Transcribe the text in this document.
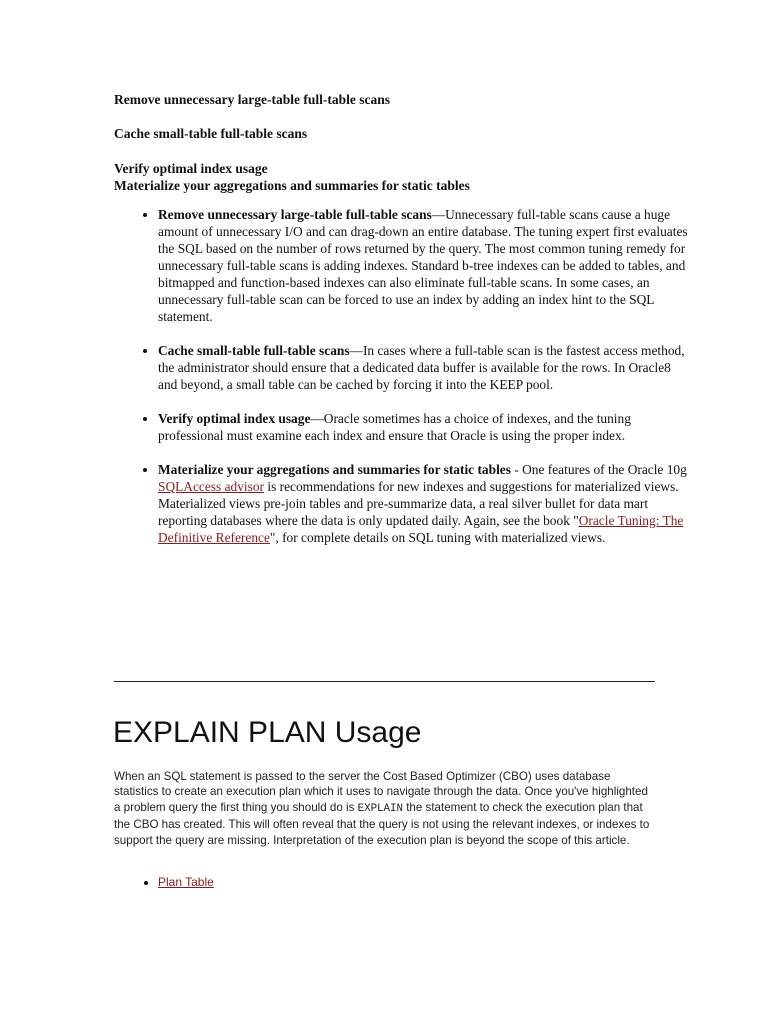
Remove unnecessary large-table full-table scans
Cache small-table full-table scans
Verify optimal index usage
Materialize your aggregations and summaries for static tables
• Remove unnecessary large-table full-table scans—Unnecessary full-table scans cause a huge amount of unnecessary I/O and can drag-down an entire database. The tuning expert first evaluates the SQL based on the number of rows returned by the query. The most common tuning remedy for unnecessary full-table scans is adding indexes. Standard b-tree indexes can be added to tables, and bitmapped and function-based indexes can also eliminate full-table scans. In some cases, an unnecessary full-table scan can be forced to use an index by adding an index hint to the SQL statement.
• Cache small-table full-table scans—In cases where a full-table scan is the fastest access method, the administrator should ensure that a dedicated data buffer is available for the rows. In Oracle8 and beyond, a small table can be cached by forcing it into the KEEP pool.
• Verify optimal index usage—Oracle sometimes has a choice of indexes, and the tuning professional must examine each index and ensure that Oracle is using the proper index.
• Materialize your aggregations and summaries for static tables - One features of the Oracle 10g SQLAccess advisor is recommendations for new indexes and suggestions for materialized views. Materialized views pre-join tables and pre-summarize data, a real silver bullet for data mart reporting databases where the data is only updated daily. Again, see the book "Oracle Tuning: The Definitive Reference", for complete details on SQL tuning with materialized views.
EXPLAIN PLAN Usage

When an SQL statement is passed to the server the Cost Based Optimizer (CBO) uses database statistics to create an execution plan which it uses to navigate through the data. Once you've highlighted a problem query the first thing you should do is EXPLAIN the statement to check the execution plan that the CBO has created. This will often reveal that the query is not using the relevant indexes, or indexes to support the query are missing. Interpretation of the execution plan is beyond the scope of this article.

• Plan Table
